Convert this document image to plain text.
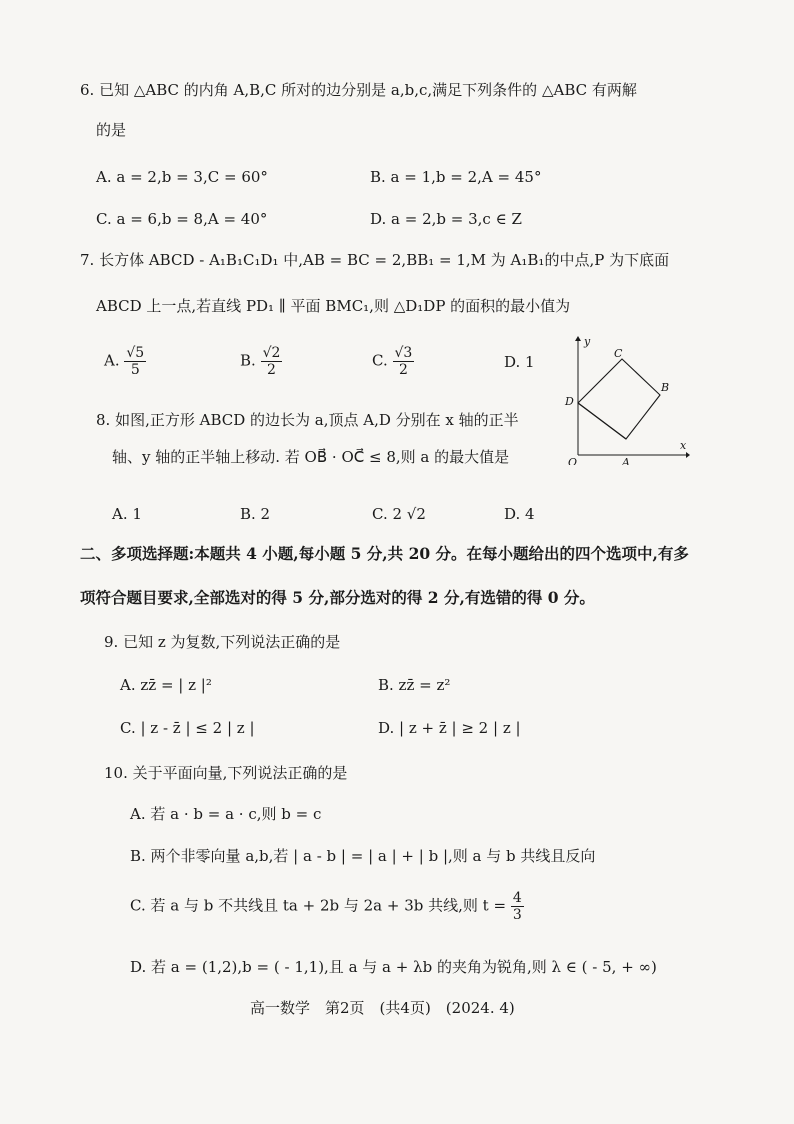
6. 已知 △ABC 的内角 A,B,C 所对的边分别是 a,b,c,满足下列条件的 △ABC 有两解
的是
A. a = 2,b = 3,C = 60°	B. a = 1,b = 2,A = 45°
C. a = 6,b = 8,A = 40°	D. a = 2,b = 3,c ∈ Z
7. 长方体 ABCD - A₁B₁C₁D₁ 中,AB = BC = 2,BB₁ = 1,M 为 A₁B₁的中点,P 为下底面
ABCD 上一点,若直线 PD₁ ∥ 平面 BMC₁,则 △D₁DP 的面积的最小值为
A. $\frac{√5}{5}$	B. $\frac{√2}{2}$	C. $\frac{√3}{2}$	D. 1
8. 如图,正方形 ABCD 的边长为 a,顶点 A,D 分别在 x 轴的正半
轴、y 轴的正半轴上移动. 若 OB⃗ · OC⃗ ≤ 8,则 a 的最大值是
A. 1	B. 2	C. 2 √2	D. 4
y
x
O	A
B
C
D
二、多项选择题:本题共 4 小题,每小题 5 分,共 20 分。在每小题给出的四个选项中,有多
项符合题目要求,全部选对的得 5 分,部分选对的得 2 分,有选错的得 0 分。
9. 已知 z 为复数,下列说法正确的是
A. zz̄ = | z |²	B. zz̄ = z²
C. | z - z̄ | ≤ 2 | z |	D. | z + z̄ | ≥ 2 | z |
10. 关于平面向量,下列说法正确的是
A. 若 a · b = a · c,则 b = c
B. 两个非零向量 a,b,若 | a - b | = | a | + | b |,则 a 与 b 共线且反向
C. 若 a 与 b 不共线且 ta + 2b 与 2a + 3b 共线,则 $t = \frac{4}{3}$
D. 若 a = (1,2),b = ( - 1,1),且 a 与 a + λb 的夹角为锐角,则 λ ∈ ( - 5, + ∞)
高一数学　第2页　(共4页)　(2024. 4)
